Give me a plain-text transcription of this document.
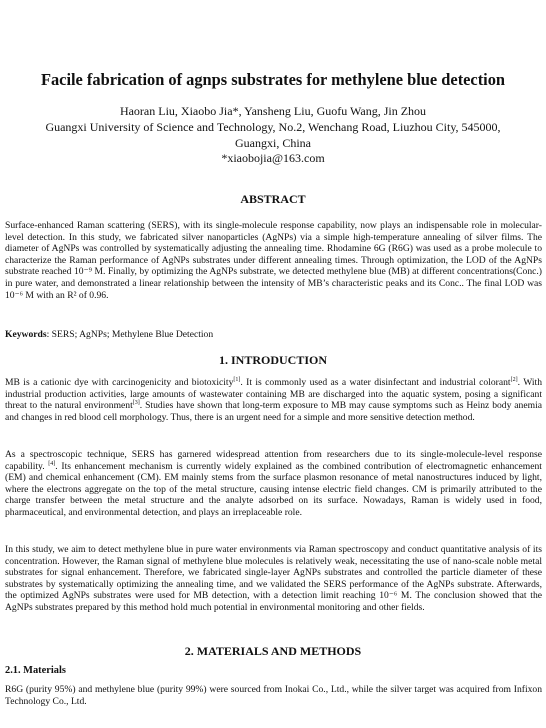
Facile fabrication of agnps substrates for methylene blue detection
Haoran Liu, Xiaobo Jia*, Yansheng Liu, Guofu Wang, Jin Zhou
Guangxi University of Science and Technology, No.2, Wenchang Road, Liuzhou City, 545000,
Guangxi, China
*xiaobojia@163.com
ABSTRACT

Surface-enhanced Raman scattering (SERS), with its single-molecule response capability, now plays an indispensable role in molecular-level detection. In this study, we fabricated silver nanoparticles (AgNPs) via a simple high-temperature annealing of silver films. The diameter of AgNPs was controlled by systematically adjusting the annealing time. Rhodamine 6G (R6G) was used as a probe molecule to characterize the Raman performance of AgNPs substrates under different annealing times. Through optimization, the LOD of the AgNPs substrate reached 10⁻⁹ M. Finally, by optimizing the AgNPs substrate, we detected methylene blue (MB) at different concentrations(Conc.) in pure water, and demonstrated a linear relationship between the intensity of MB’s characteristic peaks and its Conc.. The final LOD was 10⁻⁶ M with an R² of 0.96.

Keywords: SERS; AgNPs; Methylene Blue Detection
1. INTRODUCTION

MB is a cationic dye with carcinogenicity and biotoxicity[1]. It is commonly used as a water disinfectant and industrial colorant[2]. With industrial production activities, large amounts of wastewater containing MB are discharged into the aquatic system, posing a significant threat to the natural environment[3]. Studies have shown that long-term exposure to MB may cause symptoms such as Heinz body anemia and changes in red blood cell morphology. Thus, there is an urgent need for a simple and more sensitive detection method.

As a spectroscopic technique, SERS has garnered widespread attention from researchers due to its single-molecule-level response capability. [4]. Its enhancement mechanism is currently widely explained as the combined contribution of electromagnetic enhancement (EM) and chemical enhancement (CM). EM mainly stems from the surface plasmon resonance of metal nanostructures induced by light, where the electrons aggregate on the top of the metal structure, causing intense electric field changes. CM is primarily attributed to the charge transfer between the metal structure and the analyte adsorbed on its surface. Nowadays, Raman is widely used in food, pharmaceutical, and environmental detection, and plays an irreplaceable role.

In this study, we aim to detect methylene blue in pure water environments via Raman spectroscopy and conduct quantitative analysis of its concentration. However, the Raman signal of methylene blue molecules is relatively weak, necessitating the use of nano-scale noble metal substrates for signal enhancement. Therefore, we fabricated single-layer AgNPs substrates and controlled the particle diameter of these substrates by systematically optimizing the annealing time, and we validated the SERS performance of the AgNPs substrate. Afterwards, the optimized AgNPs substrates were used for MB detection, with a detection limit reaching 10⁻⁶ M. The conclusion showed that the AgNPs substrates prepared by this method hold much potential in environmental monitoring and other fields.

2. MATERIALS AND METHODS
2.1. Materials

R6G (purity 95%) and methylene blue (purity 99%) were sourced from Inokai Co., Ltd., while the silver target was acquired from Infixon Technology Co., Ltd.
